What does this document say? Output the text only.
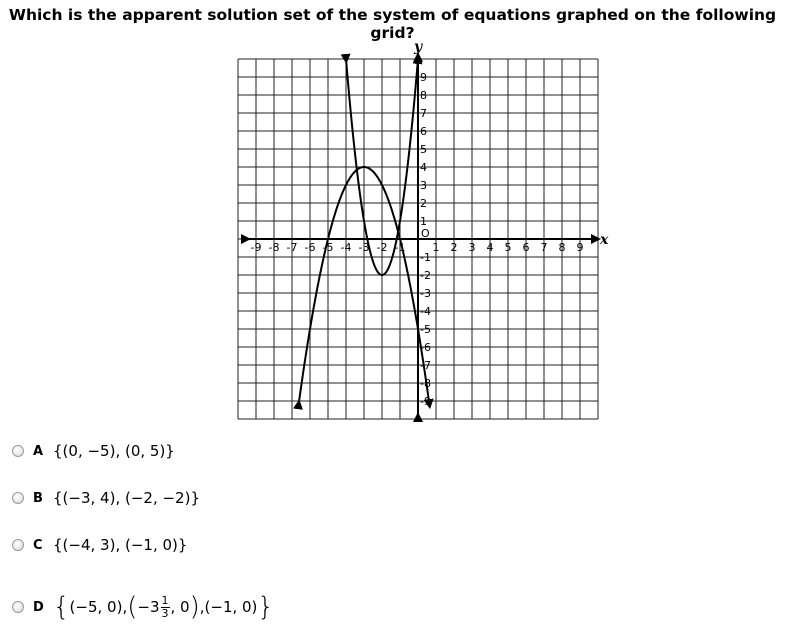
Which is the apparent solution set of the system of equations graphed on the following grid?
x
y
-9 -8 -7 -6 -5 -4 -3 -2 -1 1 2 3 4 5 6 7 8 9
9
8
7
6
5
4
3
2
1
-1
-2
-3
-4
-5
-6
-7
-8
-9
O
A {(0, −5), (0, 5)}
B {(−3, 4), (−2, −2)}
C {(−4, 3), (−1, 0)}
D { (−5, 0), ( $-3 \frac{1}{3}$ , 0 ) ,(−1, 0) }
